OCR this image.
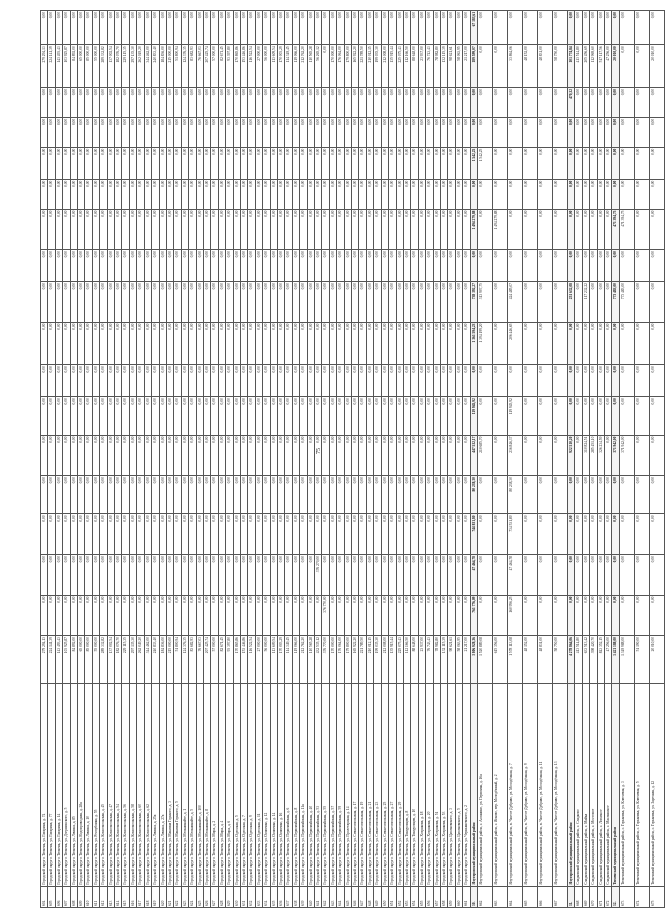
604	Городской округ г. Тюмень, ул. Гагарина, д. 74	279 294,13	0,00	0,00	0,00	0,00	0,00	0,00	0,00	0,00	0,00	0,00	0,00	0,00	0,00	0,00	0,00	279 294,13	0,00
605	Городской округ г. Тюмень, ул. Гагарина, д. 77	224 141,39	0,00	0,00	0,00	0,00	0,00	0,00	0,00	0,00	0,00	0,00	0,00	0,00	0,00	0,00	0,00	224 141,39	0,00
606	Городской округ г. Тюмень, ул. Гагарина, д. 14	143 493,43	0,00	0,00	0,00	0,00	0,00	0,00	0,00	0,00	0,00	0,00	0,00	0,00	0,00	0,00	0,00	143 493,43	0,00
607	Городской округ г. Тюмень, ул. Дзержинского, д. 5	103 925,87	0,00	0,00	0,00	0,00	0,00	0,00	0,00	0,00	0,00	0,00	0,00	0,00	0,00	0,00	0,00	103 925,87	0,00
608	Городской округ г. Тюмень, ул. Ленина, д. 85	84 892,00	0,00	0,00	0,00	0,00	0,00	0,00	0,00	0,00	0,00	0,00	0,00	0,00	0,00	0,00	0,00	84 892,00	0,00
609	Городской округ г. Тюмень, ул. Водопроводная, д. 28а	65 000,00	0,00	0,00	0,00	0,00	0,00	0,00	0,00	0,00	0,00	0,00	0,00	0,00	0,00	0,00	0,00	65 000,00	0,00
610	Городской округ г. Тюмень, ул. Ленина, д. 10	85 000,00	0,00	0,00	0,00	0,00	0,00	0,00	0,00	0,00	0,00	0,00	0,00	0,00	0,00	0,00	0,00	85 000,00	0,00
611	Городской округ г. Тюмень, ул. Республики, д. 55	55 000,00	0,00	0,00	0,00	0,00	0,00	0,00	0,00	0,00	0,00	0,00	0,00	0,00	0,00	0,00	0,00	55 000,00	0,00
612	Городской округ г. Тюмень, ул. Комсомольская, д. 45	289 332,82	0,00	0,00	0,00	0,00	0,00	0,00	0,00	0,00	0,00	0,00	0,00	0,00	0,00	0,00	0,00	289 332,82	0,00
613	Городской округ г. Тюмень, ул. Комсомольская, д. 47	137 002,54	0,00	0,00	0,00	0,00	0,00	0,00	0,00	0,00	0,00	0,00	0,00	0,00	0,00	0,00	0,00	137 002,54	0,00
614	Городской округ г. Тюмень, ул. Комсомольская, д. 54	182 076,70	0,00	0,00	0,00	0,00	0,00	0,00	0,00	0,00	0,00	0,00	0,00	0,00	0,00	0,00	0,00	182 076,70	0,00
615	Городской округ г. Тюмень, ул. Комсомольская, д. 56	229 115,35	0,00	0,00	0,00	0,00	0,00	0,00	0,00	0,00	0,00	0,00	0,00	0,00	0,00	0,00	0,00	229 115,35	0,00
616	Городской округ г. Тюмень, ул. Комсомольская, д. 58	297 135,30	0,00	0,00	0,00	0,00	0,00	0,00	0,00	0,00	0,00	0,00	0,00	0,00	0,00	0,00	0,00	297 135,30	0,00
617	Городской округ г. Тюмень, ул. Комсомольская, д. 60	262 049,20	0,00	0,00	0,00	0,00	0,00	0,00	0,00	0,00	0,00	0,00	0,00	0,00	0,00	0,00	0,00	262 049,20	0,00
618	Городской округ г. Тюмень, ул. Комсомольская, д. 62	344 462,00	0,00	0,00	0,00	0,00	0,00	0,00	0,00	0,00	0,00	0,00	0,00	0,00	0,00	0,00	0,00	344 462,00	0,00
619	Городской округ г. Тюмень, ул. Ленина, д. 25а	240 833,40	0,00	0,00	0,00	0,00	0,00	0,00	0,00	0,00	0,00	0,00	0,00	0,00	0,00	0,00	0,00	240 833,40	0,00
620	Городской округ г. Тюмень, ул. Ленина, д. 27а	184 836,00	0,00	0,00	0,00	0,00	0,00	0,00	0,00	0,00	0,00	0,00	0,00	0,00	0,00	0,00	0,00	184 836,00	0,00
621	Городской округ г. Тюмень, ул. Максима Горького, д. 3	215 000,00	0,00	0,00	0,00	0,00	0,00	0,00	0,00	0,00	0,00	0,00	0,00	0,00	0,00	0,00	0,00	215 000,00	0,00
622	Городской округ г. Тюмень, ул. Максима Горького, д. 5	51 800,94	0,00	0,00	0,00	0,00	0,00	0,00	0,00	0,00	0,00	0,00	0,00	0,00	0,00	0,00	0,00	51 800,94	0,00
623	Городской округ г. Тюмень, ул. Мельникайте, д. 1	124 376,35	0,00	0,00	0,00	0,00	0,00	0,00	0,00	0,00	0,00	0,00	0,00	0,00	0,00	0,00	0,00	124 376,35	0,00
624	Городской округ г. Тюмень, ул. Мельникайте, д. 5	83 682,93	0,00	0,00	0,00	0,00	0,00	0,00	0,00	0,00	0,00	0,00	0,00	0,00	0,00	0,00	0,00	83 682,93	0,00
625	Городской округ г. Тюмень, ул. Мельникайте, д. 100	76 667,03	0,00	0,00	0,00	0,00	0,00	0,00	0,00	0,00	0,00	0,00	0,00	0,00	0,00	0,00	0,00	76 667,03	0,00
626	Городской округ г. Тюмень, ул. Мельникайте, д. 8	207 425,74	0,00	0,00	0,00	0,00	0,00	0,00	0,00	0,00	0,00	0,00	0,00	0,00	0,00	0,00	0,00	207 425,74	0,00
627	Городской округ г. Тюмень, ул. Мира, д. 2	57 000,00	0,00	0,00	0,00	0,00	0,00	0,00	0,00	0,00	0,00	0,00	0,00	0,00	0,00	0,00	0,00	57 000,00	0,00
628	Городской округ г. Тюмень, ул. Мира, д. 4	82 671,45	0,00	0,00	0,00	0,00	0,00	0,00	0,00	0,00	0,00	0,00	0,00	0,00	0,00	0,00	0,00	82 671,45	0,00
629	Городской округ г. Тюмень, ул. Мира, д. 6	93 397,80	0,00	0,00	0,00	0,00	0,00	0,00	0,00	0,00	0,00	0,00	0,00	0,00	0,00	0,00	0,00	93 397,80	0,00
630	Городской округ г. Тюмень, ул. Одесская, д. 5	170 865,86	0,00	0,00	0,00	0,00	0,00	0,00	0,00	0,00	0,00	0,00	0,00	0,00	0,00	0,00	0,00	170 865,86	0,00
631	Городской округ г. Тюмень, ул. Одесская, д. 7	153 446,86	0,00	0,00	0,00	0,00	0,00	0,00	0,00	0,00	0,00	0,00	0,00	0,00	0,00	0,00	0,00	153 446,86	0,00
632	Городской округ г. Тюмень, ул. Одесская, д. 9	116 522,54	0,00	0,00	0,00	0,00	0,00	0,00	0,00	0,00	0,00	0,00	0,00	0,00	0,00	0,00	0,00	116 522,54	0,00
633	Городской округ г. Тюмень, ул. Одесская, д. 11	27 000,00	0,00	0,00	0,00	0,00	0,00	0,00	0,00	0,00	0,00	0,00	0,00	0,00	0,00	0,00	0,00	27 000,00	0,00
634	Городской округ г. Тюмень, ул. Осипенко, д. 12	56 000,00	0,00	0,00	0,00	0,00	0,00	0,00	0,00	0,00	0,00	0,00	0,00	0,00	0,00	0,00	0,00	56 000,00	0,00
635	Городской округ г. Тюмень, ул. Осипенко, д. 14	113 609,54	0,00	0,00	0,00	0,00	0,00	0,00	0,00	0,00	0,00	0,00	0,00	0,00	0,00	0,00	0,00	113 609,54	0,00
636	Городской округ г. Тюмень, ул. Осипенко, д. 16	170 003,29	0,00	0,00	0,00	0,00	0,00	0,00	0,00	0,00	0,00	0,00	0,00	0,00	0,00	0,00	0,00	170 003,29	0,00
637	Городской округ г. Тюмень, ул. Первомайская, д. 6	114 349,45	0,00	0,00	0,00	0,00	0,00	0,00	0,00	0,00	0,00	0,00	0,00	0,00	0,00	0,00	0,00	114 349,45	0,00
638	Городской округ г. Тюмень, ул. Первомайская, д. 8	119 066,00	0,00	0,00	0,00	0,00	0,00	0,00	0,00	0,00	0,00	0,00	0,00	0,00	0,00	0,00	0,00	119 066,00	0,00
639	Городской округ г. Тюмень, ул. Первомайская, д. 11а	212 762,20	0,00	0,00	0,00	0,00	0,00	0,00	0,00	0,00	0,00	0,00	0,00	0,00	0,00	0,00	0,00	212 762,20	0,00
640	Городской округ г. Тюмень, ул. Первомайская, д. 40	110 565,28	0,00	0,00	0,00	0,00	0,00	0,00	0,00	0,00	0,00	0,00	0,00	0,00	0,00	0,00	0,00	110 565,28	0,00
641	Городской округ г. Тюмень, ул. Первомайская, д. 53	432 535,12	0,00	376 270,00	0,00	0,00	0,00	0,00	0,00	0,00	0,00	0,00	0,00	0,00	0,00	0,00	0,00	56 265,12	0,00
642	Городской округ г. Тюмень, ул. Первомайская, д. 55	376 770,00	376 770,00	0,00	0,00	0,00	0,00	0,00	0,00	0,00	0,00	0,00	0,00	0,00	0,00	0,00	0,00	0,00	0,00
643	Городской округ г. Тюмень, ул. Первомайская, д. 57	170 000,00	0,00	0,00	0,00	0,00	0,00	0,00	0,00	0,00	0,00	0,00	0,00	0,00	0,00	0,00	0,00	170 000,00	0,00
644	Городской округ г. Тюмень, ул. Первомайская, д. 59	176 064,00	0,00	0,00	0,00	0,00	0,00	0,00	0,00	0,00	0,00	0,00	0,00	0,00	0,00	0,00	0,00	176 064,00	0,00
645	Городской округ г. Тюмень, ул. Пролетарская, д. 14	179 800,00	0,00	0,00	0,00	0,00	0,00	0,00	0,00	0,00	0,00	0,00	0,00	0,00	0,00	0,00	0,00	179 800,00	0,00
646	Городской округ г. Тюмень, ул. Севастопольская, д. 17	165 922,20	0,00	0,00	0,00	0,00	0,00	0,00	0,00	0,00	0,00	0,00	0,00	0,00	0,00	0,00	0,00	165 922,20	0,00
647	Городской округ г. Тюмень, ул. Севастопольская, д. 19	221 789,50	0,00	0,00	0,00	0,00	0,00	0,00	0,00	0,00	0,00	0,00	0,00	0,00	0,00	0,00	0,00	221 789,50	0,00
648	Городской округ г. Тюмень, ул. Севастопольская, д. 21	210 012,15	0,00	0,00	0,00	0,00	0,00	0,00	0,00	0,00	0,00	0,00	0,00	0,00	0,00	0,00	0,00	210 012,15	0,00
649	Городской округ г. Тюмень, ул. Севастопольская, д. 23	199 035,30	0,00	0,00	0,00	0,00	0,00	0,00	0,00	0,00	0,00	0,00	0,00	0,00	0,00	0,00	0,00	199 035,30	0,00
650	Городской округ г. Тюмень, ул. Севастопольская, д. 25	212 008,00	0,00	0,00	0,00	0,00	0,00	0,00	0,00	0,00	0,00	0,00	0,00	0,00	0,00	0,00	0,00	212 008,00	0,00
651	Городской округ г. Тюмень, ул. Севастопольская, д. 27	135 915,44	0,00	0,00	0,00	0,00	0,00	0,00	0,00	0,00	0,00	0,00	0,00	0,00	0,00	0,00	0,00	135 915,44	0,00
652	Городской округ г. Тюмень, ул. Севастопольская, д. 29	225 075,43	0,00	0,00	0,00	0,00	0,00	0,00	0,00	0,00	0,00	0,00	0,00	0,00	0,00	0,00	0,00	225 075,43	0,00
653	Городской округ г. Тюмень, ул. Тимуровцев, д. 8	112 166,50	0,00	0,00	0,00	0,00	0,00	0,00	0,00	0,00	0,00	0,00	0,00	0,00	0,00	0,00	0,00	112 166,50	0,00
654	Городской округ г. Тюмень, ул. Тимуровцев, д. 10	88 648,00	0,00	0,00	0,00	0,00	0,00	0,00	0,00	0,00	0,00	0,00	0,00	0,00	0,00	0,00	0,00	88 648,00	0,00
655	Городской округ г. Тюмень, ул. Хохрякова, д. 18	23 937,00	0,00	0,00	0,00	0,00	0,00	0,00	0,00	0,00	0,00	0,00	0,00	0,00	0,00	0,00	0,00	23 937,00	0,00
656	Городской округ г. Тюмень, ул. Хохрякова, д. 20	76 743,43	0,00	0,00	0,00	0,00	0,00	0,00	0,00	0,00	0,00	0,00	0,00	0,00	0,00	0,00	0,00	76 743,43	0,00
657	Городской округ г. Тюмень, ул. Хохрякова, д. 51	78 982,80	0,00	0,00	0,00	0,00	0,00	0,00	0,00	0,00	0,00	0,00	0,00	0,00	0,00	0,00	0,00	78 982,80	0,00
658	Городской округ г. Тюмень, ул. Хохрякова, д. 53	132 115,39	0,00	0,00	0,00	0,00	0,00	0,00	0,00	0,00	0,00	0,00	0,00	0,00	0,00	0,00	0,00	132 115,39	0,00
659	Городской округ г. Тюмень, ул. Циолковского, д. 3	98 621,61	0,00	0,00	0,00	0,00	0,00	0,00	0,00	0,00	0,00	0,00	0,00	0,00	0,00	0,00	0,00	98 621,61	0,00
660	Городской округ г. Тюмень, ул. Циолковского, д. 5	58 063,95	0,00	0,00	0,00	0,00	0,00	0,00	0,00	0,00	0,00	0,00	0,00	0,00	0,00	0,00	0,00	58 063,95	0,00
661	Городской округ г. Тюмень, ул. Чернышевского, д. 2	21 217,00	0,00	0,00	0,00	0,00	0,00	0,00	0,00	0,00	0,00	0,00	0,00	0,00	0,00	0,00	0,00	21 217,00	0,00
10.	Ялуторовский муниципальный район	3 806 928,36	761 776,09	47 464,78	744 831,80	80 238,30	447 532,17	119 945,92	0,00	1 361 594,23	738 392,27	0,00	1 494 279,88	0,00	1 542,25	0,00	0,00	189 599,07	67 183,61
662	Ялуторовский муниципальный район, с. Асланино, ул. Первомая, д. 16а	1 520 889,08	0,00	0,00	0,00	0,00	210 685,70	0,00	0,00	1 394 199,20	313 907,75	0,00	0,00	0,00	1 542,25	0,00	0,00	0,00	0,00
663	Ялуторовский муниципальный район, с. Ясково, пер. Молодёжный, д. 2	615 356,00	0,00	0,00	0,00	0,00	0,00	0,00	0,00	0,00	0,00	0,00	1 494 279,88	0,00	0,00	0,00	0,00	0,00	0,00
664	Ялуторовский муниципальный район, п. Чистое Дубраво, ул. Молодёжная, д. 7	1 578 113,08	160 956,25	47 464,78	734 531,80	80 238,30	236 846,37	119 945,92	0,00	206 446,65	424 485,07	0,00	0,00	0,00	0,00	0,00	0,00	33 864,06	0,00
665	Ялуторовский муниципальный район, п. Чистое Дубраво, ул. Молодёжная, д. 9	48 152,00	0,00	0,00	0,00	0,00	0,00	0,00	0,00	0,00	0,00	0,00	0,00	0,00	0,00	0,00	0,00	48 152,00	0,00
666	Ялуторовский муниципальный район, п. Чистое Дубраво, ул. Молодёжная, д. 11	48 831,00	0,00	0,00	0,00	0,00	0,00	0,00	0,00	0,00	0,00	0,00	0,00	0,00	0,00	0,00	0,00	48 831,00	0,00
667	Ялуторовский муниципальный район, п. Чистое Дубраво, ул. Молодёжная, д. 13	58 750,00	0,00	0,00	0,00	0,00	0,00	0,00	0,00	0,00	0,00	0,00	0,00	0,00	0,00	0,00	0,00	58 750,00	0,00
11.	Ялуторовский муниципальный район	4 278 864,06	0,00	0,00	0,00	0,00	922 510,20	0,00	0,00	0,00	251 632,08	0,00	0,00	0,00	0,00	0,00	470,32	101 774,84	0,00
668	Сладковский муниципальный район, с. Сладково	413 514,80	0,00	0,00	0,00	0,00	0,00	0,00	0,00	0,00	0,00	0,00	0,00	0,00	0,00	0,00	0,00	413 514,80	0,00
669	Сладковский муниципальный район, с. Майка	633 513,42	0,00	0,00	0,00	0,00	310 824,51	0,00	0,00	0,00	117 232,22	0,00	0,00	0,00	0,00	0,00	0,00	205 456,69	0,00
670	Сладковский муниципальный район, с. Мостовое	398 420,70	0,00	0,00	0,00	0,00	285 451,10	0,00	0,00	0,00	0,00	0,00	0,00	0,00	0,00	0,00	0,00	112 969,60	0,00
671	Сладковский муниципальный район, с. Лопазное	843 352,15	0,00	0,00	0,00	0,00	326 234,59	0,00	0,00	0,00	0,00	0,00	0,00	0,00	0,00	0,00	0,00	517 117,56	0,00
672	Сладковский муниципальный район, с. Маслянское	47 256,00	0,00	0,00	0,00	0,00	0,00	0,00	0,00	0,00	0,00	0,00	0,00	0,00	0,00	0,00	0,00	47 256,00	0,00
12.	Тюменский муниципальный район	1 421 188,00	0,00	0,00	0,00	0,00	371 942,00	0,00	0,00	0,00	773 483,00	0,00	471 394,75	0,00	0,00	0,00	0,00	20 010,00	0,00
673	Тюменский муниципальный район, с. Горьковка, ул. Ключевая, д. 3	1 349 988,00	0,00	0,00	0,00	0,00	371 942,00	0,00	0,00	0,00	773 483,00	0,00	471 394,75	0,00	0,00	0,00	0,00	0,00	0,00
674	Тюменский муниципальный район, с. Горьковка, ул. Ключевая, д. 5	51 190,00	0,00	0,00	0,00	0,00	0,00	0,00	0,00	0,00	0,00	0,00	0,00	0,00	0,00	0,00	0,00	0,00	0,00
675	Тюменский муниципальный район, с. Горьковка, ул. Заречная, д. 12	20 010,00	0,00	0,00	0,00	0,00	0,00	0,00	0,00	0,00	0,00	0,00	0,00	0,00	0,00	0,00	0,00	20 010,00	0,00
75
